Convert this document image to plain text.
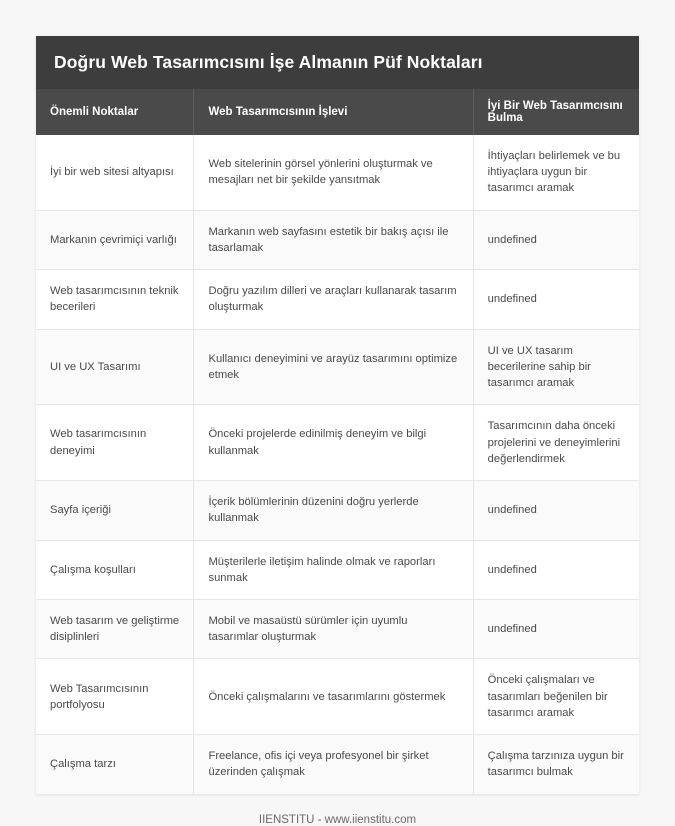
Doğru Web Tasarımcısını İşe Almanın Püf Noktaları
Önemli Noktalar	Web Tasarımcısının İşlevi	İyi Bir Web Tasarımcısını Bulma
İyi bir web sitesi altyapısı	Web sitelerinin görsel yönlerini oluşturmak ve mesajları net bir şekilde yansıtmak	İhtiyaçları belirlemek ve bu ihtiyaçlara uygun bir tasarımcı aramak
Markanın çevrimiçi varlığı	Markanın web sayfasını estetik bir bakış açısı ile tasarlamak	undefined
Web tasarımcısının teknik becerileri	Doğru yazılım dilleri ve araçları kullanarak tasarım oluşturmak	undefined
UI ve UX Tasarımı	Kullanıcı deneyimini ve arayüz tasarımını optimize etmek	UI ve UX tasarım becerilerine sahip bir tasarımcı aramak
Web tasarımcısının deneyimi	Önceki projelerde edinilmiş deneyim ve bilgi kullanmak	Tasarımcının daha önceki projelerini ve deneyimlerini değerlendirmek
Sayfa içeriği	İçerik bölümlerinin düzenini doğru yerlerde kullanmak	undefined
Çalışma koşulları	Müşterilerle iletişim halinde olmak ve raporları sunmak	undefined
Web tasarım ve geliştirme disiplinleri	Mobil ve masaüstü sürümler için uyumlu tasarımlar oluşturmak	undefined
Web Tasarımcısının portfolyosu	Önceki çalışmalarını ve tasarımlarını göstermek	Önceki çalışmaları ve tasarımları beğenilen bir tasarımcı aramak
Çalışma tarzı	Freelance, ofis içi veya profesyonel bir şirket üzerinden çalışmak	Çalışma tarzınıza uygun bir tasarımcı bulmak
IIENSTITU - www.iienstitu.com
